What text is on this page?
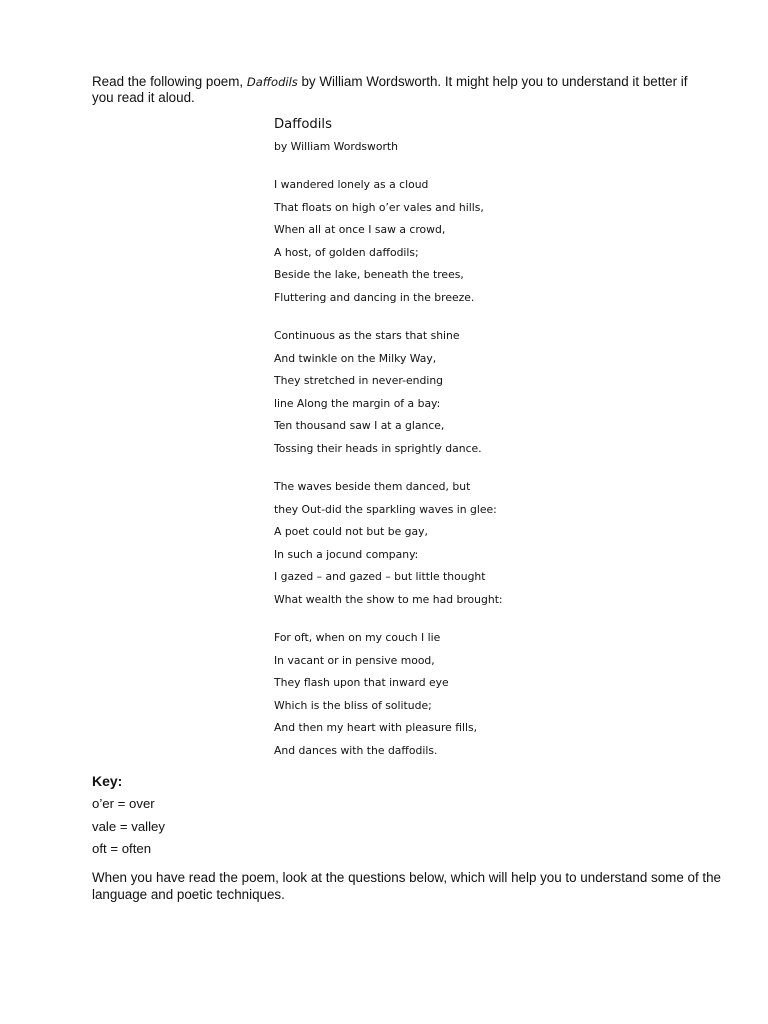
Read the following poem, Daffodils by William Wordsworth. It might help you to understand it better if you read it aloud.

Daffodils

by William Wordsworth

I wandered lonely as a cloud
That floats on high o’er vales and hills,
When all at once I saw a crowd,
A host, of golden daffodils;
Beside the lake, beneath the trees,
Fluttering and dancing in the breeze.
Continuous as the stars that shine
And twinkle on the Milky Way,
They stretched in never-ending
line Along the margin of a bay:
Ten thousand saw I at a glance,
Tossing their heads in sprightly dance.
The waves beside them danced, but
they Out-did the sparkling waves in glee:
A poet could not but be gay,
In such a jocund company:
I gazed – and gazed – but little thought
What wealth the show to me had brought:
For oft, when on my couch I lie
In vacant or in pensive mood,
They flash upon that inward eye
Which is the bliss of solitude;
And then my heart with pleasure fills,
And dances with the daffodils.
Key:
o’er = over
vale = valley
oft = often

When you have read the poem, look at the questions below, which will help you to understand some of the language and poetic techniques.
